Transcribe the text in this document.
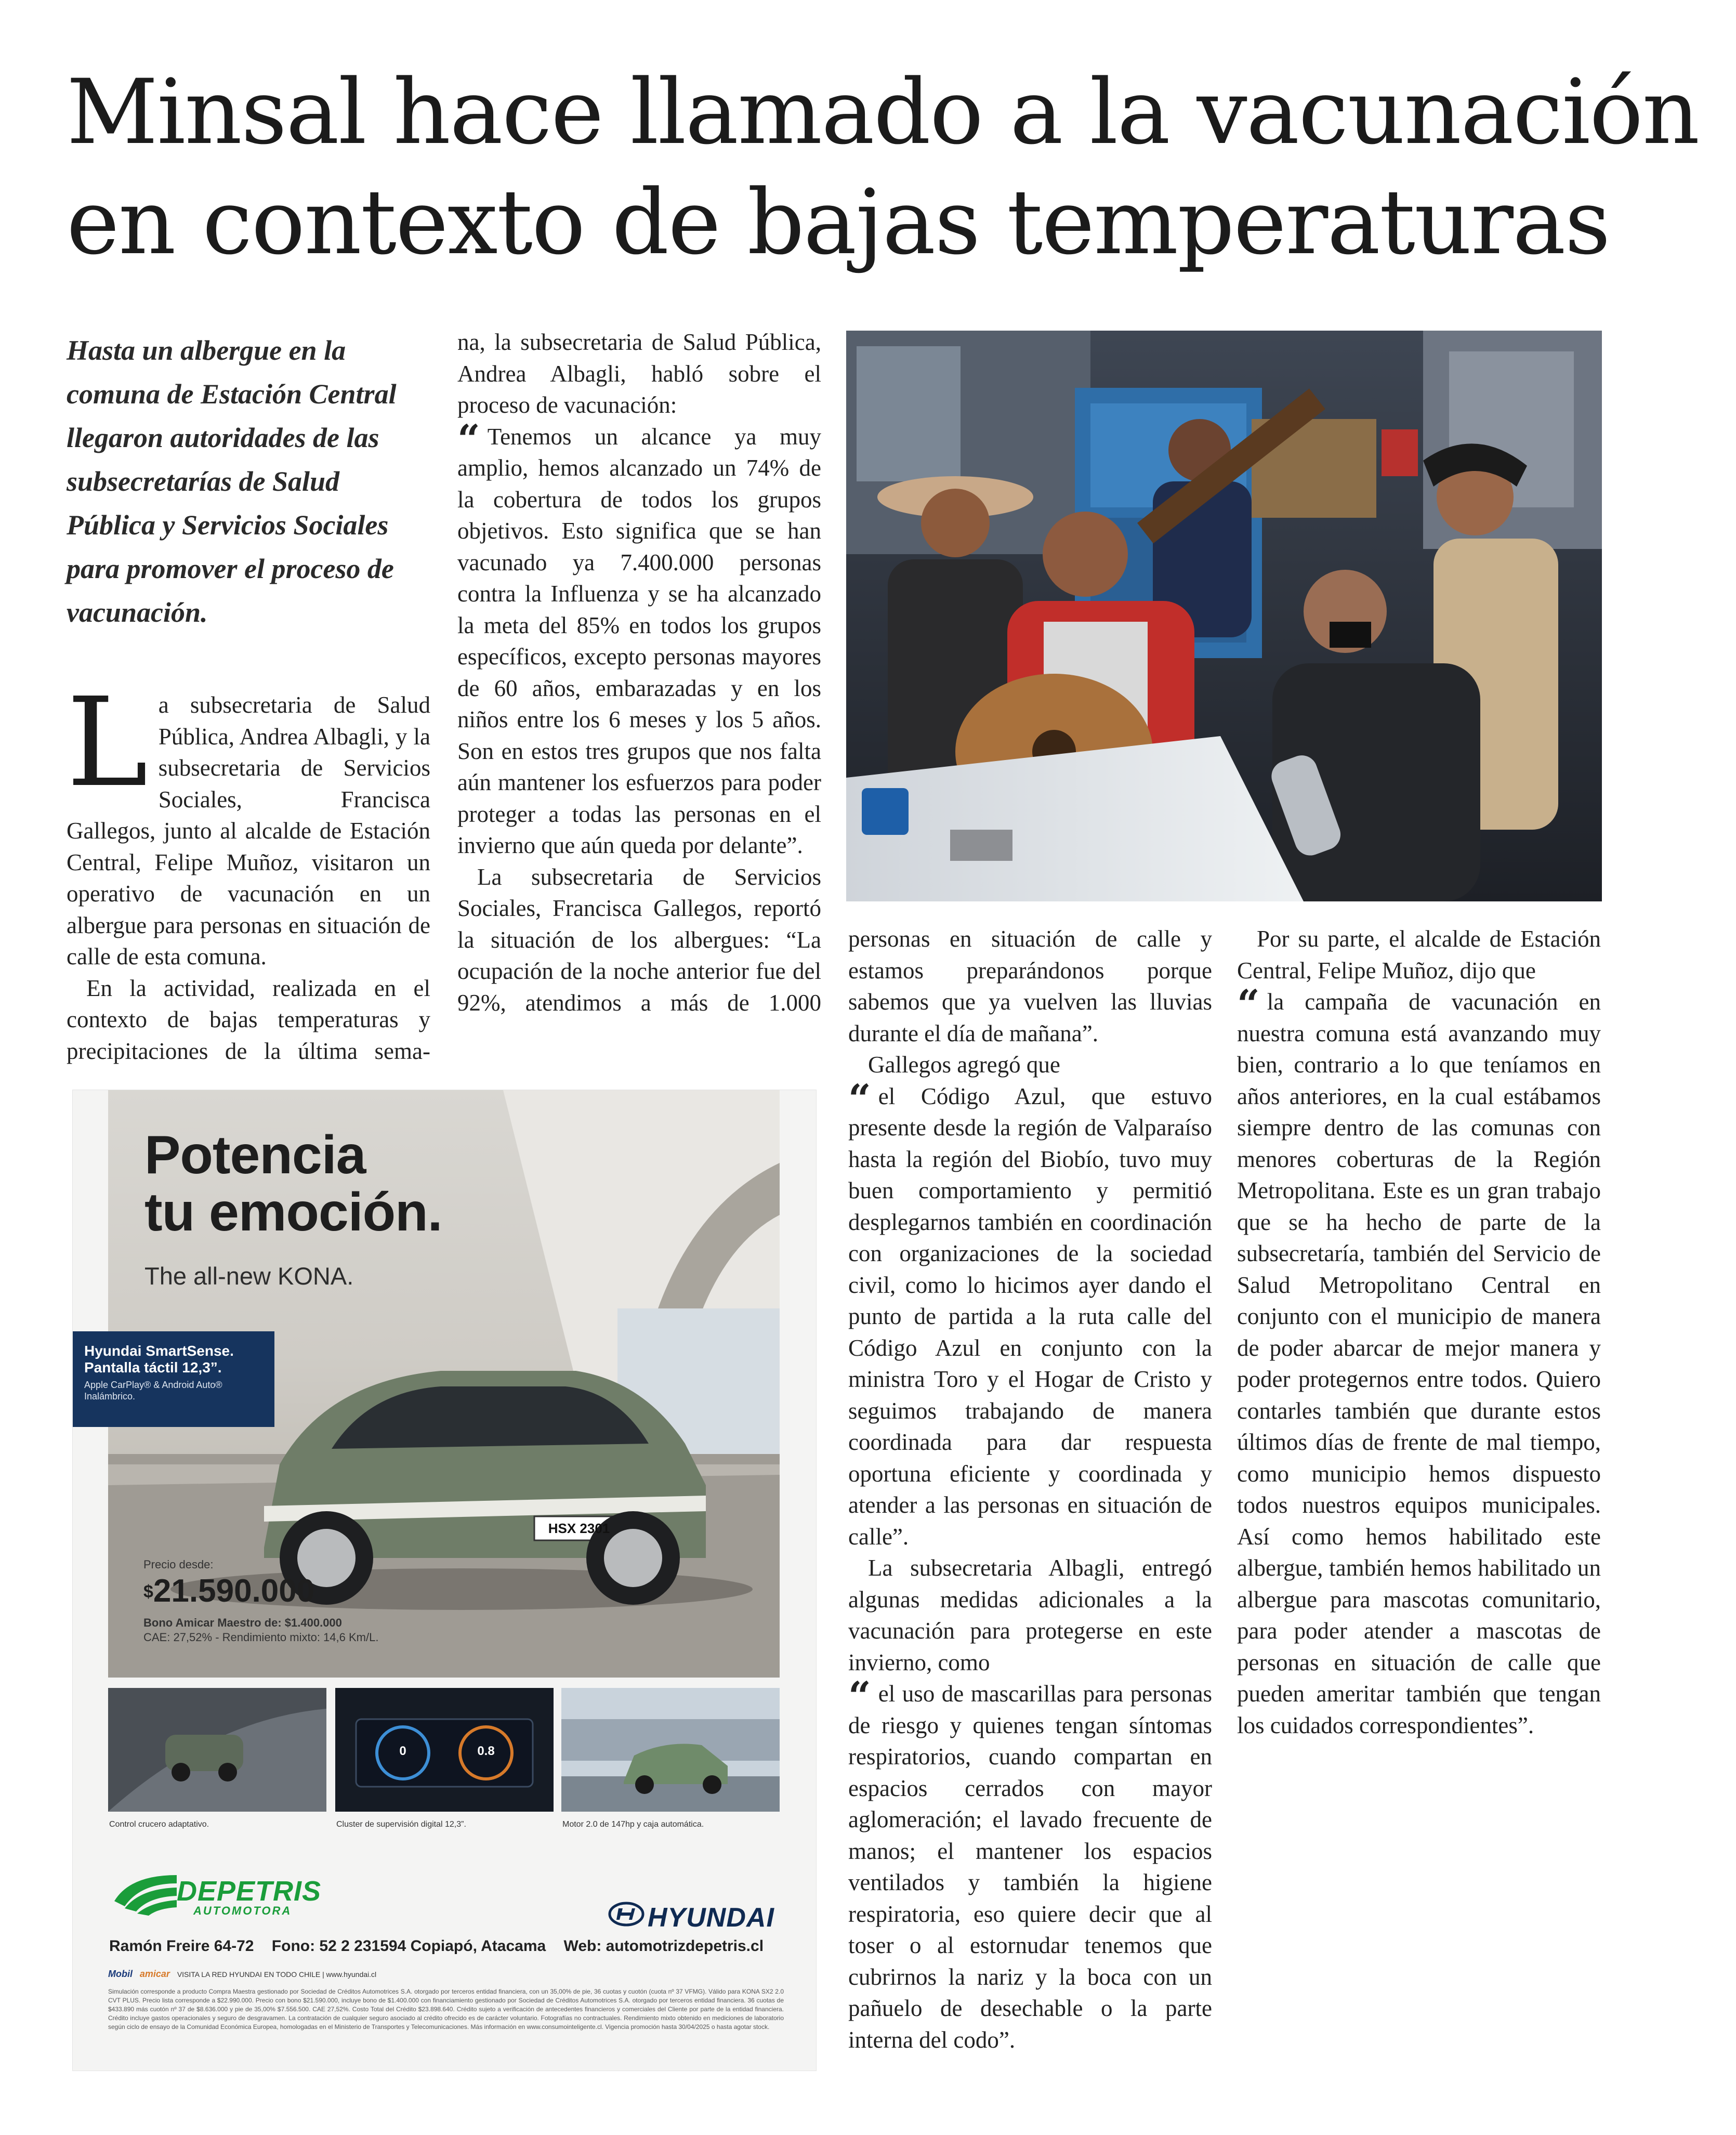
Minsal hace llamado a la vacunación
en contexto de bajas temperaturas

Hasta un albergue en la comuna de Estación Central llegaron autoridades de las subsecretarías de Salud Pública y Servicios Sociales para promover el proceso de vacunación.

La subsecretaria de Salud Pública, Andrea Albagli, y la subsecretaria de Servicios Sociales, Francisca Gallegos, junto al alcalde de Estación Central, Felipe Muñoz, visitaron un operativo de vacunación en un albergue para personas en situación de calle de esta comuna.

En la actividad, realizada en el contexto de bajas temperaturas y precipitaciones de la última sema-

na, la subsecretaria de Salud Pública, Andrea Albagli, habló sobre el proceso de vacunación:

“ Tenemos un alcance ya muy amplio, hemos alcanzado un 74% de la cobertura de todos los grupos objetivos. Esto significa que se han vacunado ya 7.400.000 personas contra la Influenza y se ha alcanzado la meta del 85% en todos los grupos específicos, excepto personas mayores de 60 años, embarazadas y en los niños entre los 6 meses y los 5 años. Son en estos tres grupos que nos falta aún mantener los esfuerzos para poder proteger a todas las personas en el invierno que aún queda por delante”.

La subsecretaria de Servicios Sociales, Francisca Gallegos, reportó la situación de los albergues: “La ocupación de la noche anterior fue del 92%, atendimos a más de 1.000

personas en situación de calle y estamos preparándonos porque sabemos que ya vuelven las lluvias durante el día de mañana”.

Gallegos agregó que

“ el Código Azul, que estuvo presente desde la región de Valparaíso hasta la región del Biobío, tuvo muy buen comportamiento y permitió desplegarnos también en coordinación con organizaciones de la sociedad civil, como lo hicimos ayer dando el punto de partida a la ruta calle del Código Azul en conjunto con la ministra Toro y el Hogar de Cristo y seguimos trabajando de manera coordinada para dar respuesta oportuna eficiente y coordinada y atender a las personas en situación de calle”.

La subsecretaria Albagli, entregó algunas medidas adicionales a la vacunación para protegerse en este invierno, como

“ el uso de mascarillas para personas de riesgo y quienes tengan síntomas respiratorios, cuando compartan en espacios cerrados con mayor aglomeración; el lavado frecuente de manos; el mantener los espacios ventilados y también la higiene respiratoria, eso quiere decir que al toser o al estornudar tenemos que cubrirnos la nariz y la boca con un pañuelo de desechable o la parte interna del codo”.

Por su parte, el alcalde de Estación Central, Felipe Muñoz, dijo que

“ la campaña de vacunación en nuestra comuna está avanzando muy bien, contrario a lo que teníamos en años anteriores, en la cual estábamos siempre dentro de las comunas con menores coberturas de la Región Metropolitana. Este es un gran trabajo que se ha hecho de parte de la subsecretaría, también del Servicio de Salud Metropolitano Central en conjunto con el municipio de manera de poder abarcar de mejor manera y poder protegernos entre todos. Quiero contarles también que durante estos últimos días de frente de mal tiempo, como municipio hemos dispuesto todos nuestros equipos municipales. Así como hemos habilitado este albergue, también hemos habilitado un albergue para mascotas comunitario, para poder atender a mascotas de personas en situación de calle que pueden ameritar también que tengan los cuidados correspondientes”.

Potencia
tu emoción.
The all-new KONA.
HSX 2301
Precio desde:
$21.590.000
Bono Amicar Maestro de: $1.400.000
CAE: 27,52% - Rendimiento mixto: 14,6 Km/L.
Hyundai SmartSense.
Pantalla táctil 12,3”.
Apple CarPlay® & Android Auto® Inalámbrico.
0	0.8
Control crucero adaptativo.	Cluster de supervisión digital 12,3”.	Motor 2.0 de 147hp y caja automática.
DEPETRIS
AUTOMOTORA	HYUNDAI
Ramón Freire 64-72 Fono: 52 2 231594 Copiapó, Atacama Web: automotrizdepetris.cl
Mobil amicar VISITA LA RED HYUNDAI EN TODO CHILE | www.hyundai.cl
Simulación corresponde a producto Compra Maestra gestionado por Sociedad de Créditos Automotrices S.A. otorgado por terceros entidad financiera, con un 35,00% de pie, 36 cuotas y cuotón (cuota nº 37 VFMG). Válido para KONA SX2 2.0 CVT PLUS. Precio lista corresponde a $22.990.000. Precio con bono $21.590.000, incluye bono de $1.400.000 con financiamiento gestionado por Sociedad de Créditos Automotrices S.A. otorgado por terceros entidad financiera. 36 cuotas de $433.890 más cuotón nº 37 de $8.636.000 y pie de 35,00% $7.556.500. CAE 27,52%. Costo Total del Crédito $23.898.640. Crédito sujeto a verificación de antecedentes financieros y comerciales del Cliente por parte de la entidad financiera. Crédito incluye gastos operacionales y seguro de desgravamen. La contratación de cualquier seguro asociado al crédito ofrecido es de carácter voluntario. Fotografías no contractuales. Rendimiento mixto obtenido en mediciones de laboratorio según ciclo de ensayo de la Comunidad Económica Europea, homologadas en el Ministerio de Transportes y Telecomunicaciones. Más información en www.consumointeligente.cl. Vigencia promoción hasta 30/04/2025 o hasta agotar stock.
